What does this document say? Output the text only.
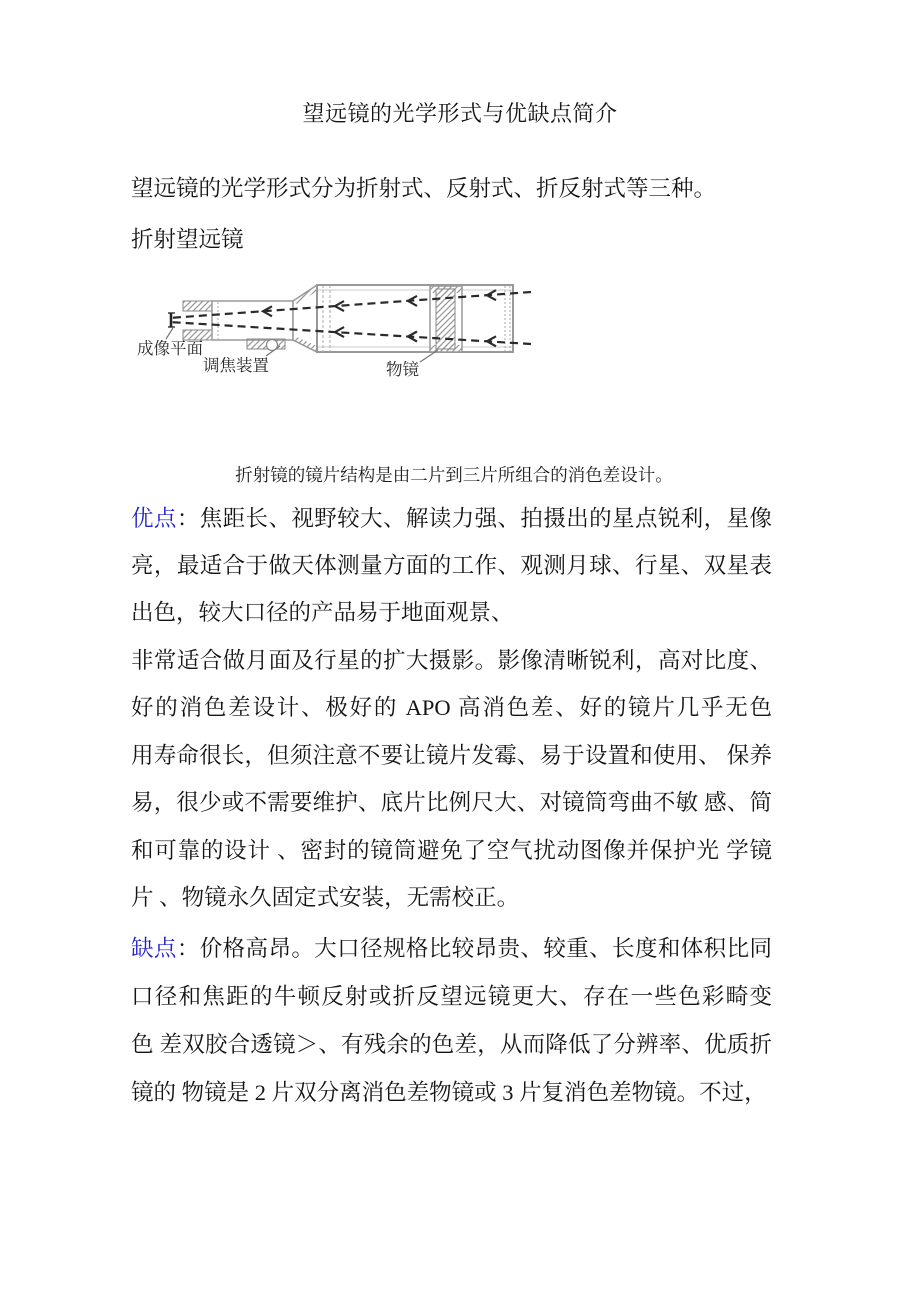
望远镜的光学形式与优缺点简介
望远镜的光学形式分为折射式、反射式、折反射式等三种。
折射望远镜
成像平面
调焦装置	物镜
折射镜的镜片结构是由二片到三片所组合的消色差设计。
优点：焦距长、视野较大、解读力强、拍摄出的星点锐利，星像
亮，最适合于做天体测量方面的工作、观测月球、行星、双星表
出色，较大口径的产品易于地面观景、
非常适合做月面及行星的扩大摄影。影像清晰锐利，高对比度、
好的消色差设计、极好的 APO 高消色差、好的镜片几乎无色
用寿命很长，但须注意不要让镜片发霉、易于设置和使用、 保养
易，很少或不需要维护、底片比例尺大、对镜筒弯曲不敏 感、简
和可靠的设计 、密封的镜筒避免了空气扰动图像并保护光 学镜
片 、物镜永久固定式安装，无需校正。
缺点：价格高昂。大口径规格比较昂贵、较重、长度和体积比同
口径和焦距的牛顿反射或折反望远镜更大、存在一些色彩畸变
色 差双胶合透镜＞、有残余的色差，从而降低了分辨率、优质折
镜的 物镜是 2 片双分离消色差物镜或 3 片复消色差物镜。不过，
